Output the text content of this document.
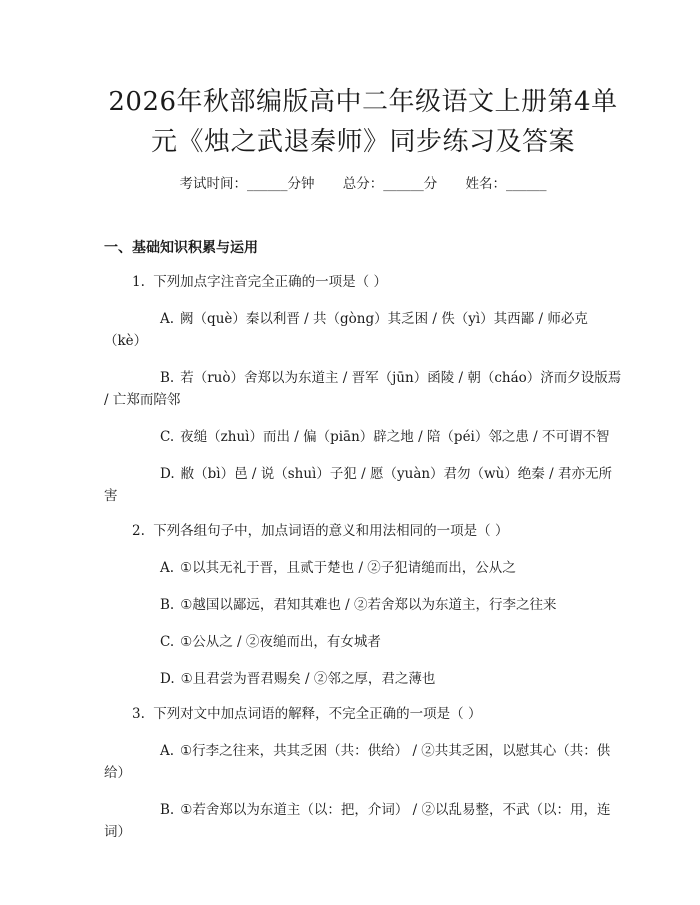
2026年秋部编版高中二年级语文上册第4单
元《烛之武退秦师》同步练习及答案
考试时间：______分钟 总分：______分 姓名：______
一、基础知识积累与运用

1. 下列加点字注音完全正确的一项是（ ）

A. 阙（què）秦以利晋 / 共（gòng）其乏困 / 佚（yì）其西鄙 / 师必克（kè）

B. 若（ruò）舍郑以为东道主 / 晋军（jūn）函陵 / 朝（cháo）济而夕设版焉 / 亡郑而陪邻

C. 夜缒（zhuì）而出 / 偏（piān）辟之地 / 陪（péi）邻之患 / 不可谓不智

D. 敝（bì）邑 / 说（shuì）子犯 / 愿（yuàn）君勿（wù）绝秦 / 君亦无所害

2. 下列各组句子中，加点词语的意义和用法相同的一项是（ ）

A. ①以其无礼于晋，且贰于楚也 / ②子犯请缒而出，公从之

B. ①越国以鄙远，君知其难也 / ②若舍郑以为东道主，行李之往来

C. ①公从之 / ②夜缒而出，有女城者

D. ①且君尝为晋君赐矣 / ②邻之厚，君之薄也

3. 下列对文中加点词语的解释，不完全正确的一项是（ ）

A. ①行李之往来，共其乏困（共：供给） / ②共其乏困，以慰其心（共：供给）

B. ①若舍郑以为东道主（以：把，介词） / ②以乱易整，不武（以：用，连词）
